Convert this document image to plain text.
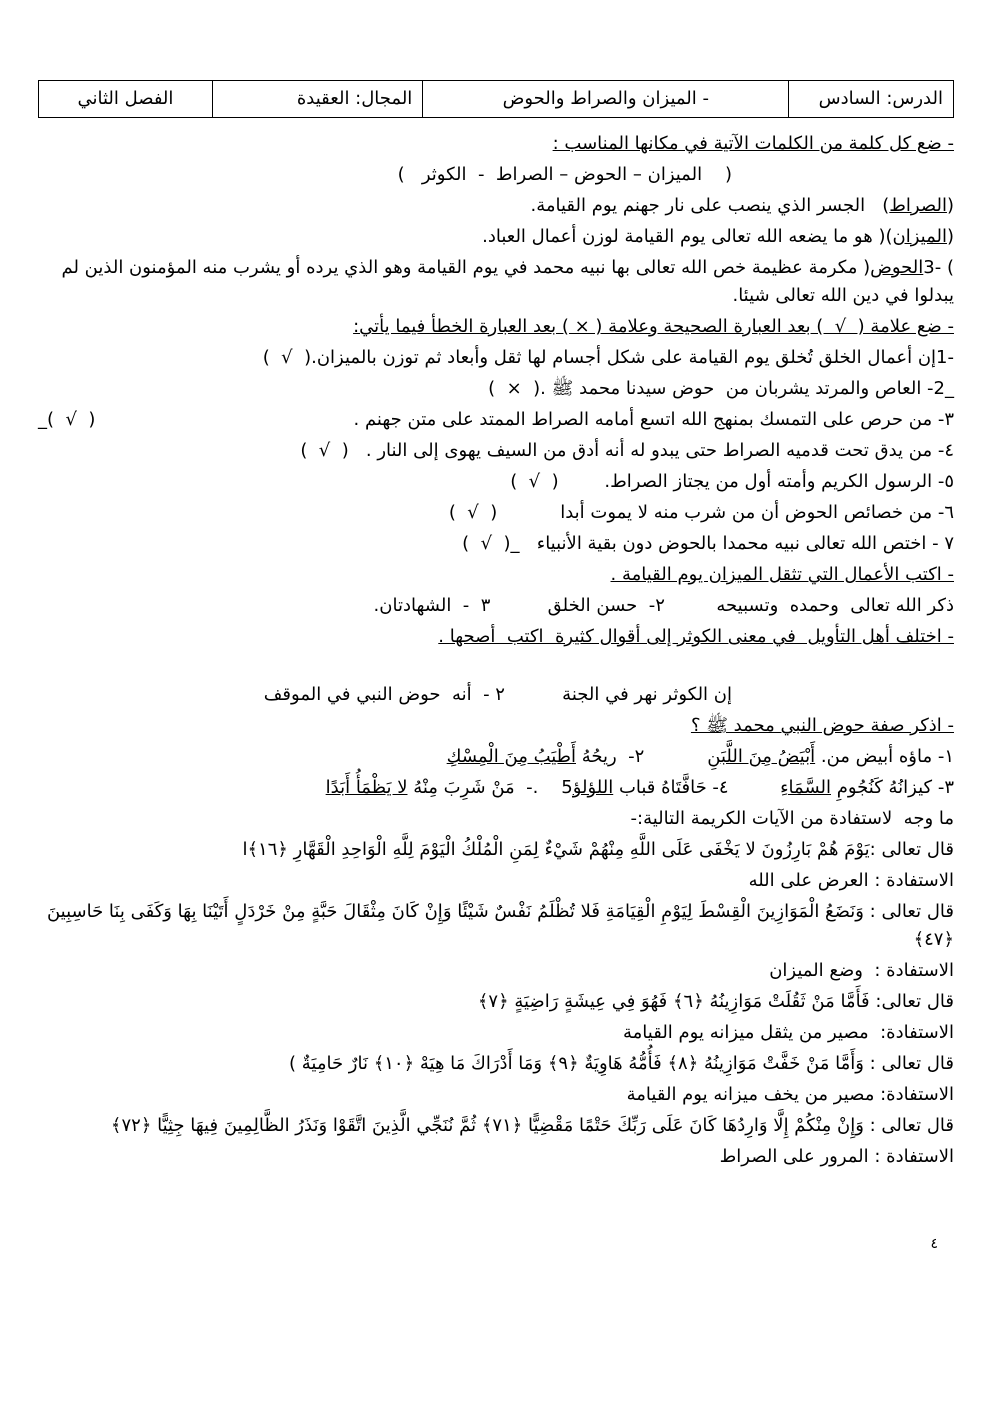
الدرس: السادس	- الميزان والصراط والحوض	المجال: العقيدة	الفصل الثاني

- ضع كل كلمة من الكلمات الآتية في مكانها المناسب :

(    الميزان – الحوض – الصراط  -  الكوثر   )

(الصراط)   الجسر الذي ينصب على نار جهنم يوم القيامة.

(الميزان)( هو ما يضعه الله تعالى يوم القيامة لوزن أعمال العباد.

) -3الحوض( مكرمة عظيمة خص الله تعالى بها نبيه محمد في يوم القيامة وهو الذي يرده أو يشرب منه المؤمنون الذين لم يبدلوا في دين الله تعالى شيئا.

- ضع علامة (  √  ) بعد العبارة الصحيحة وعلامة ( × ) بعد العبارة الخطأ فيما يأتي:

-1إن أعمال الخلق تُخلق يوم القيامة على شكل أجسام لها ثقل وأبعاد ثم توزن بالميزان.(  √  )

_2- العاص والمرتد يشربان من  حوض سيدنا محمد ﷺ .(  ×  )

٣- من حرص على التمسك بمنهج الله اتسع أمامه الصراط الممتد على متن جهنم .
(  √  )_

٤- من يدق تحت قدميه الصراط حتى يبدو له أنه أدق من السيف يهوى إلى النار .   (  √  )

٥- الرسول الكريم وأمته أول من يجتاز الصراط.        (  √  )

٦- من خصائص الحوض أن من شرب منه لا يموت أبدا           (  √  )

٧ - اختص الله تعالى نبيه محمدا بالحوض دون بقية الأنبياء   _(  √  )

- اكتب الأعمال التي تثقل الميزان يوم القيامة .

ذكر الله تعالى  وحمده  وتسبيحه         ٢-  حسن الخلق          ٣  -  الشهادتان.

- اختلف أهل التأويل  في معنى الكوثر إلى أقوال كثيرة  اكتب  أصحها .

إن الكوثر نهر في الجنة          ٢ -  أنه  حوض النبي في الموقف

- اذكر صفة حوض النبي محمد ﷺ ؟

١- ماؤه أبيض من. أَبْيَضُ مِنَ اللَّبَنِ           ٢-  ريحُهُ أَطْيَبُ مِنَ الْمِسْكِ

٣- كيزانُهُ كَنُجُومِ السَّمَاءِ         ٤- حَافَّتَاهُ قباب اللؤلؤ5    .-  مَنْ شَرِبَ مِنْهُ لا يَظْمَأُ أَبَدًا

ما وجه  لاستفادة من الآيات الكريمة التالية:-

قال تعالى :يَوْمَ هُمْ بَارِزُونَ لا يَخْفَى عَلَى اللَّهِ مِنْهُمْ شَيْءٌ لِمَنِ الْمُلْكُ الْيَوْمَ لِلَّهِ الْوَاحِدِ الْقَهَّارِ ﴿١٦﴾ا

الاستفادة : العرض على الله

قال تعالى : وَنَضَعُ الْمَوَازِينَ الْقِسْطَ لِيَوْمِ الْقِيَامَةِ فَلا تُظْلَمُ نَفْسٌ شَيْئًا وَإِنْ كَانَ مِثْقَالَ حَبَّةٍ مِنْ خَرْدَلٍ أَتَيْنَا بِهَا وَكَفَى بِنَا حَاسِبِينَ ﴿٤٧﴾

الاستفادة :  وضع الميزان

قال تعالى: فَأَمَّا مَنْ ثَقُلَتْ مَوَازِينُهُ ﴿٦﴾ فَهُوَ فِي عِيشَةٍ رَاضِيَةٍ ﴿٧﴾

الاستفادة:  مصير من يثقل ميزانه يوم القيامة

قال تعالى : وَأَمَّا مَنْ خَفَّتْ مَوَازِينُهُ ﴿٨﴾ فَأُمُّهُ هَاوِيَةٌ ﴿٩﴾ وَمَا أَدْرَاكَ مَا هِيَهْ ﴿١٠﴾ نَارٌ حَامِيَةٌ )

الاستفادة: مصير من يخف ميزانه يوم القيامة

قال تعالى : وَإِنْ مِنْكُمْ إِلَّا وَارِدُهَا كَانَ عَلَى رَبِّكَ حَتْمًا مَقْضِيًّا ﴿٧١﴾ ثُمَّ نُنَجِّي الَّذِينَ اتَّقَوْا وَنَذَرُ الظَّالِمِينَ فِيهَا جِثِيًّا ﴿٧٢﴾

الاستفادة : المرور على الصراط

٤
